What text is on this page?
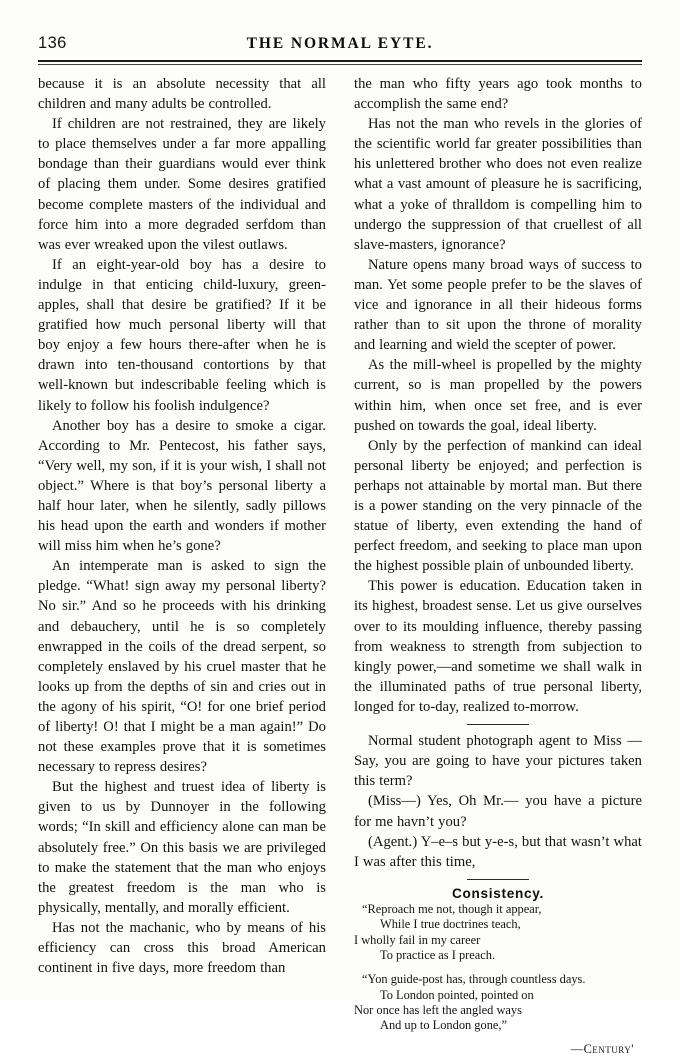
136	THE NORMAL EYTE.

because it is an absolute necessity that all children and many adults be controlled.

If children are not restrained, they are likely to place themselves under a far more appalling bondage than their guardians would ever think of placing them under. Some desires gratified become complete masters of the individual and force him into a more degraded serfdom than was ever wreaked upon the vilest outlaws.

If an eight-year-old boy has a desire to indulge in that enticing child-luxury, green-apples, shall that desire be gratified? If it be gratified how much personal liberty will that boy enjoy a few hours there-after when he is drawn into ten-thousand contortions by that well-known but indescribable feeling which is likely to follow his foolish indulgence?

Another boy has a desire to smoke a cigar. According to Mr. Pentecost, his father says, “Very well, my son, if it is your wish, I shall not object.” Where is that boy’s personal liberty a half hour later, when he silently, sadly pillows his head upon the earth and wonders if mother will miss him when he’s gone?

An intemperate man is asked to sign the pledge. “What! sign away my personal liberty? No sir.” And so he proceeds with his drinking and debauchery, until he is so completely enwrapped in the coils of the dread serpent, so completely enslaved by his cruel master that he looks up from the depths of sin and cries out in the agony of his spirit, “O! for one brief period of liberty! O! that I might be a man again!” Do not these examples prove that it is sometimes necessary to repress desires?

But the highest and truest idea of liberty is given to us by Dunnoyer in the following words; “In skill and efficiency alone can man be absolutely free.” On this basis we are privileged to make the statement that the man who enjoys the greatest freedom is the man who is physically, mentally, and morally efficient.

Has not the machanic, who by means of his efficiency can cross this broad American continent in five days, more freedom than

the man who fifty years ago took months to accomplish the same end?

Has not the man who revels in the glories of the scientific world far greater possibilities than his unlettered brother who does not even realize what a vast amount of pleasure he is sacrificing, what a yoke of thralldom is compelling him to undergo the suppression of that cruellest of all slave-masters, ignorance?

Nature opens many broad ways of success to man. Yet some people prefer to be the slaves of vice and ignorance in all their hideous forms rather than to sit upon the throne of morality and learning and wield the scepter of power.

As the mill-wheel is propelled by the mighty current, so is man propelled by the powers within him, when once set free, and is ever pushed on towards the goal, ideal liberty.

Only by the perfection of mankind can ideal personal liberty be enjoyed; and perfection is perhaps not attainable by mortal man. But there is a power standing on the very pinnacle of the statue of liberty, even extending the hand of perfect freedom, and seeking to place man upon the highest possible plain of unbounded liberty.

This power is education. Education taken in its highest, broadest sense. Let us give ourselves over to its moulding influence, thereby passing from weakness to strength from subjection to kingly power,—and sometime we shall walk in the illuminated paths of true personal liberty, longed for to-day, realized to-morrow.

Normal student photograph agent to Miss —Say, you are going to have your pictures taken this term?

(Miss—) Yes, Oh Mr.— you have a picture for me havn’t you?

(Agent.) Y–e–s but y-e-s, but that wasn’t what I was after this time,

Consistency.
“Reproach me not, though it appear,
While I true doctrines teach,
I wholly fail in my career
To practice as I preach.
“Yon guide-post has, through countless days.
To London pointed, pointed on
Nor once has left the angled ways
And up to London gone,”
—Century'
